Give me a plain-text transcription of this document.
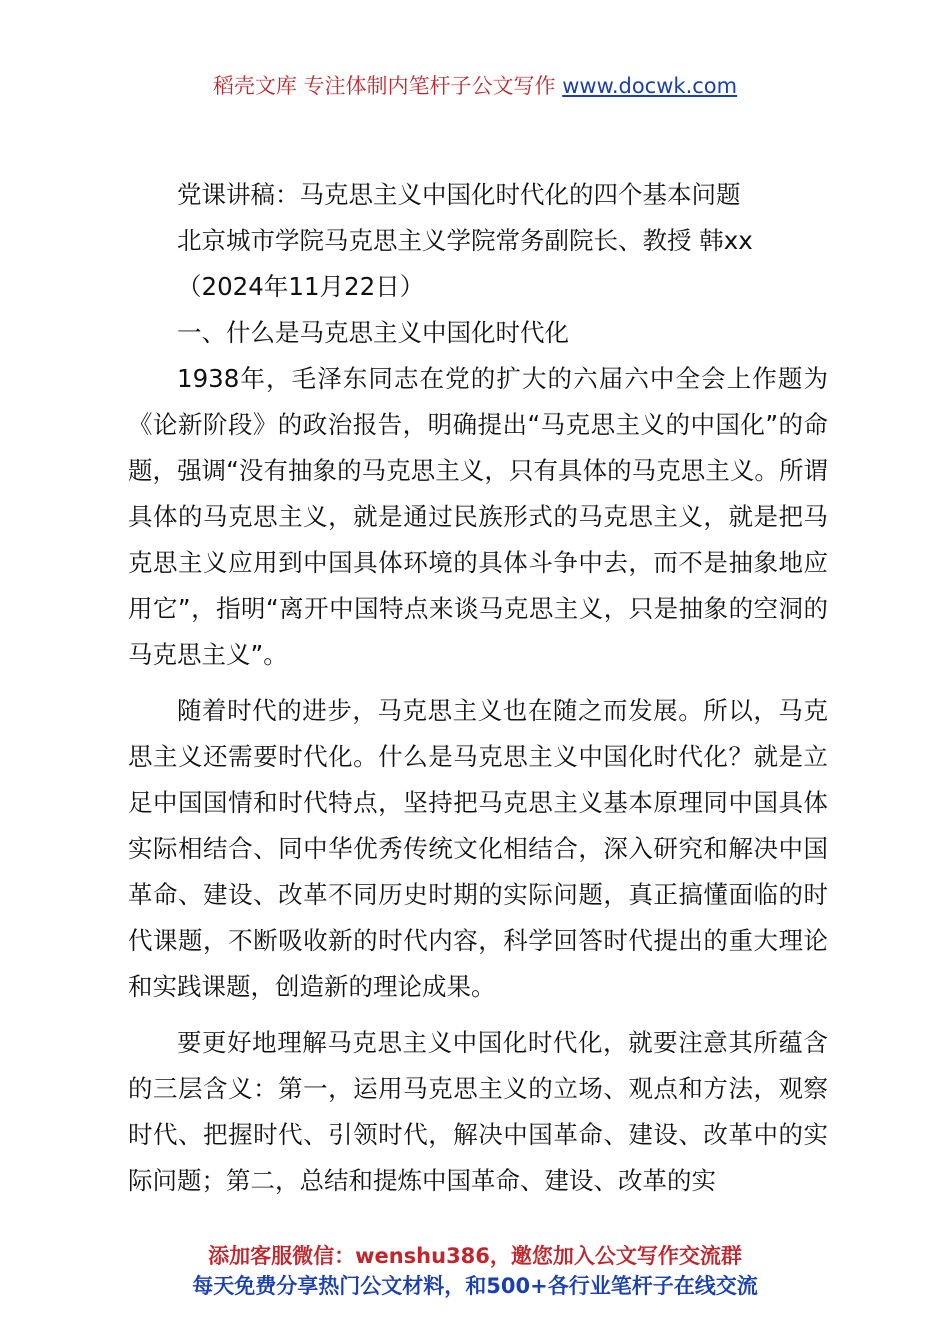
稻壳文库 专注体制内笔杆子公文写作 www.docwk.com

党课讲稿：马克思主义中国化时代化的四个基本问题

北京城市学院马克思主义学院常务副院长、教授 韩xx

（2024年11月22日）

一、什么是马克思主义中国化时代化

1938年，毛泽东同志在党的扩大的六届六中全会上作题为《论新阶段》的政治报告，明确提出“马克思主义的中国化”的命题，强调“没有抽象的马克思主义，只有具体的马克思主义。所谓具体的马克思主义，就是通过民族形式的马克思主义，就是把马克思主义应用到中国具体环境的具体斗争中去，而不是抽象地应用它”，指明“离开中国特点来谈马克思主义，只是抽象的空洞的马克思主义”。

随着时代的进步，马克思主义也在随之而发展。所以，马克思主义还需要时代化。什么是马克思主义中国化时代化？就是立足中国国情和时代特点，坚持把马克思主义基本原理同中国具体实际相结合、同中华优秀传统文化相结合，深入研究和解决中国革命、建设、改革不同历史时期的实际问题，真正搞懂面临的时代课题，不断吸收新的时代内容，科学回答时代提出的重大理论和实践课题，创造新的理论成果。

要更好地理解马克思主义中国化时代化，就要注意其所蕴含的三层含义：第一，运用马克思主义的立场、观点和方法，观察时代、把握时代、引领时代，解决中国革命、建设、改革中的实际问题；第二，总结和提炼中国革命、建设、改革的实

添加客服微信：wenshu386，邀您加入公文写作交流群
每天免费分享热门公文材料，和500+各行业笔杆子在线交流
